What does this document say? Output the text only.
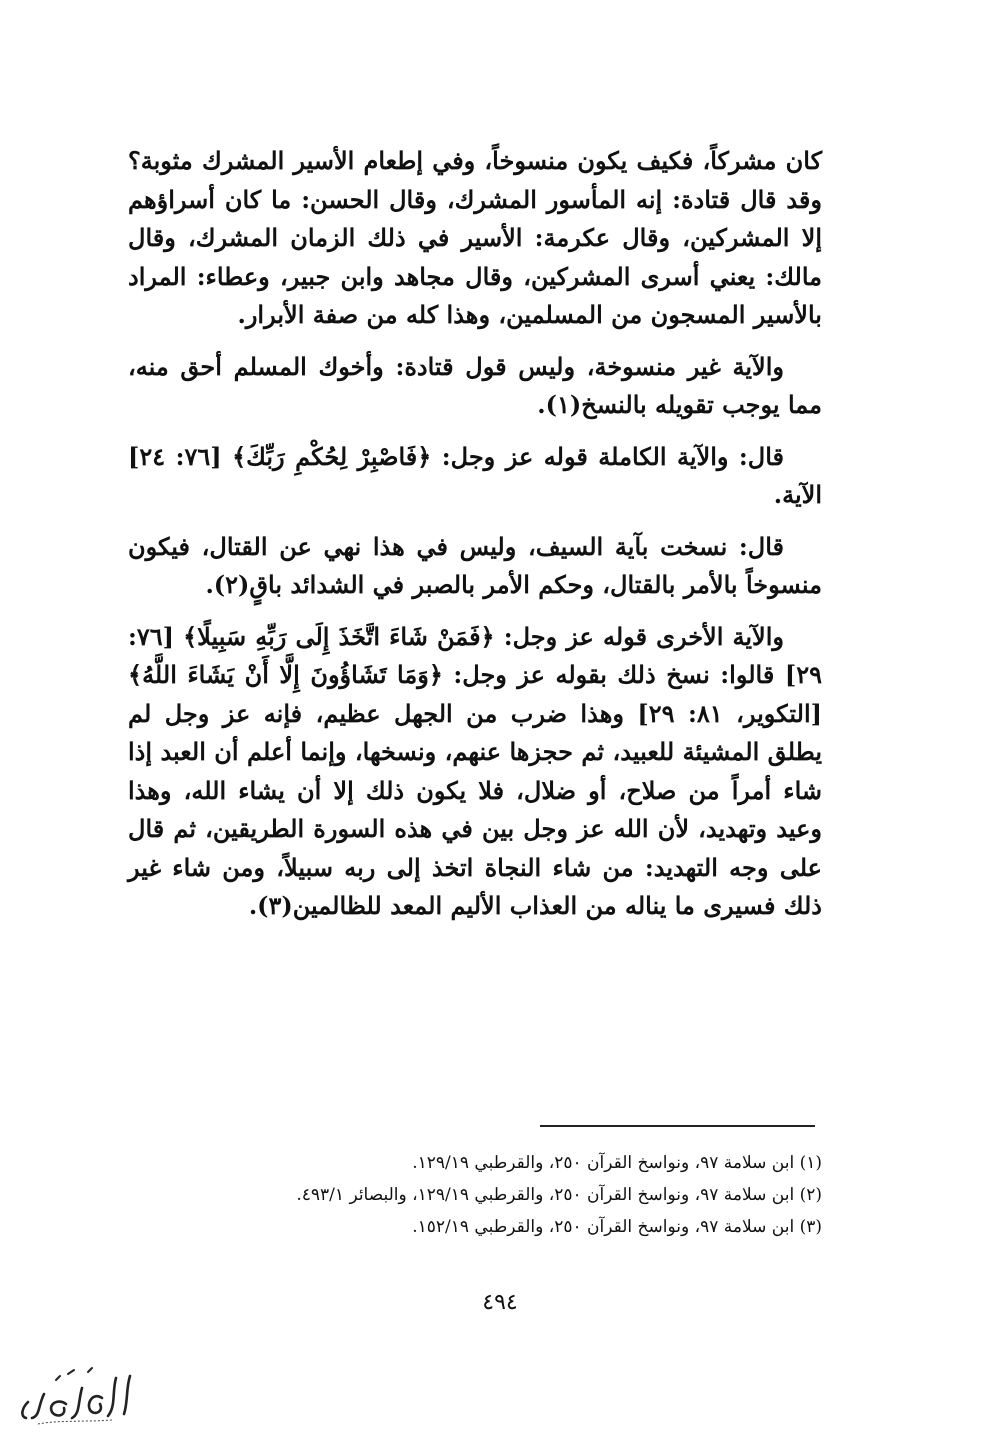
كان مشركاً، فكيف يكون منسوخاً، وفي إطعام الأسير المشرك مثوبة؟ وقد قال قتادة: إنه المأسور المشرك، وقال الحسن: ما كان أسراؤهم إلا المشركين، وقال عكرمة: الأسير في ذلك الزمان المشرك، وقال مالك: يعني أسرى المشركين، وقال مجاهد وابن جبير، وعطاء: المراد بالأسير المسجون من المسلمين، وهذا كله من صفة الأبرار.

والآية غير منسوخة، وليس قول قتادة: وأخوك المسلم أحق منه، مما يوجب تقويله بالنسخ(١).

قال: والآية الكاملة قوله عز وجل: ﴿فَاصْبِرْ لِحُكْمِ رَبِّكَ﴾ [٧٦: ٢٤] الآية.

قال: نسخت بآية السيف، وليس في هذا نهي عن القتال، فيكون منسوخاً بالأمر بالقتال، وحكم الأمر بالصبر في الشدائد باقٍ(٢).

والآية الأخرى قوله عز وجل: ﴿فَمَنْ شَاءَ اتَّخَذَ إِلَى رَبِّهِ سَبِيلًا﴾ [٧٦: ٢٩] قالوا: نسخ ذلك بقوله عز وجل: ﴿وَمَا تَشَاؤُونَ إِلَّا أَنْ يَشَاءَ اللَّهُ﴾ [التكوير، ٨١: ٢٩] وهذا ضرب من الجهل عظيم، فإنه عز وجل لم يطلق المشيئة للعبيد، ثم حجزها عنهم، ونسخها، وإنما أعلم أن العبد إذا شاء أمراً من صلاح، أو ضلال، فلا يكون ذلك إلا أن يشاء الله، وهذا وعيد وتهديد، لأن الله عز وجل بين في هذه السورة الطريقين، ثم قال على وجه التهديد: من شاء النجاة اتخذ إلى ربه سبيلاً، ومن شاء غير ذلك فسيرى ما يناله من العذاب الأليم المعد للظالمين(٣).

(١) ابن سلامة ٩٧، ونواسخ القرآن ٢٥٠، والقرطبي ١٢٩/١٩.
(٢) ابن سلامة ٩٧، ونواسخ القرآن ٢٥٠، والقرطبي ١٢٩/١٩، والبصائر ٤٩٣/١.
(٣) ابن سلامة ٩٧، ونواسخ القرآن ٢٥٠، والقرطبي ١٥٢/١٩.
٤٩٤
